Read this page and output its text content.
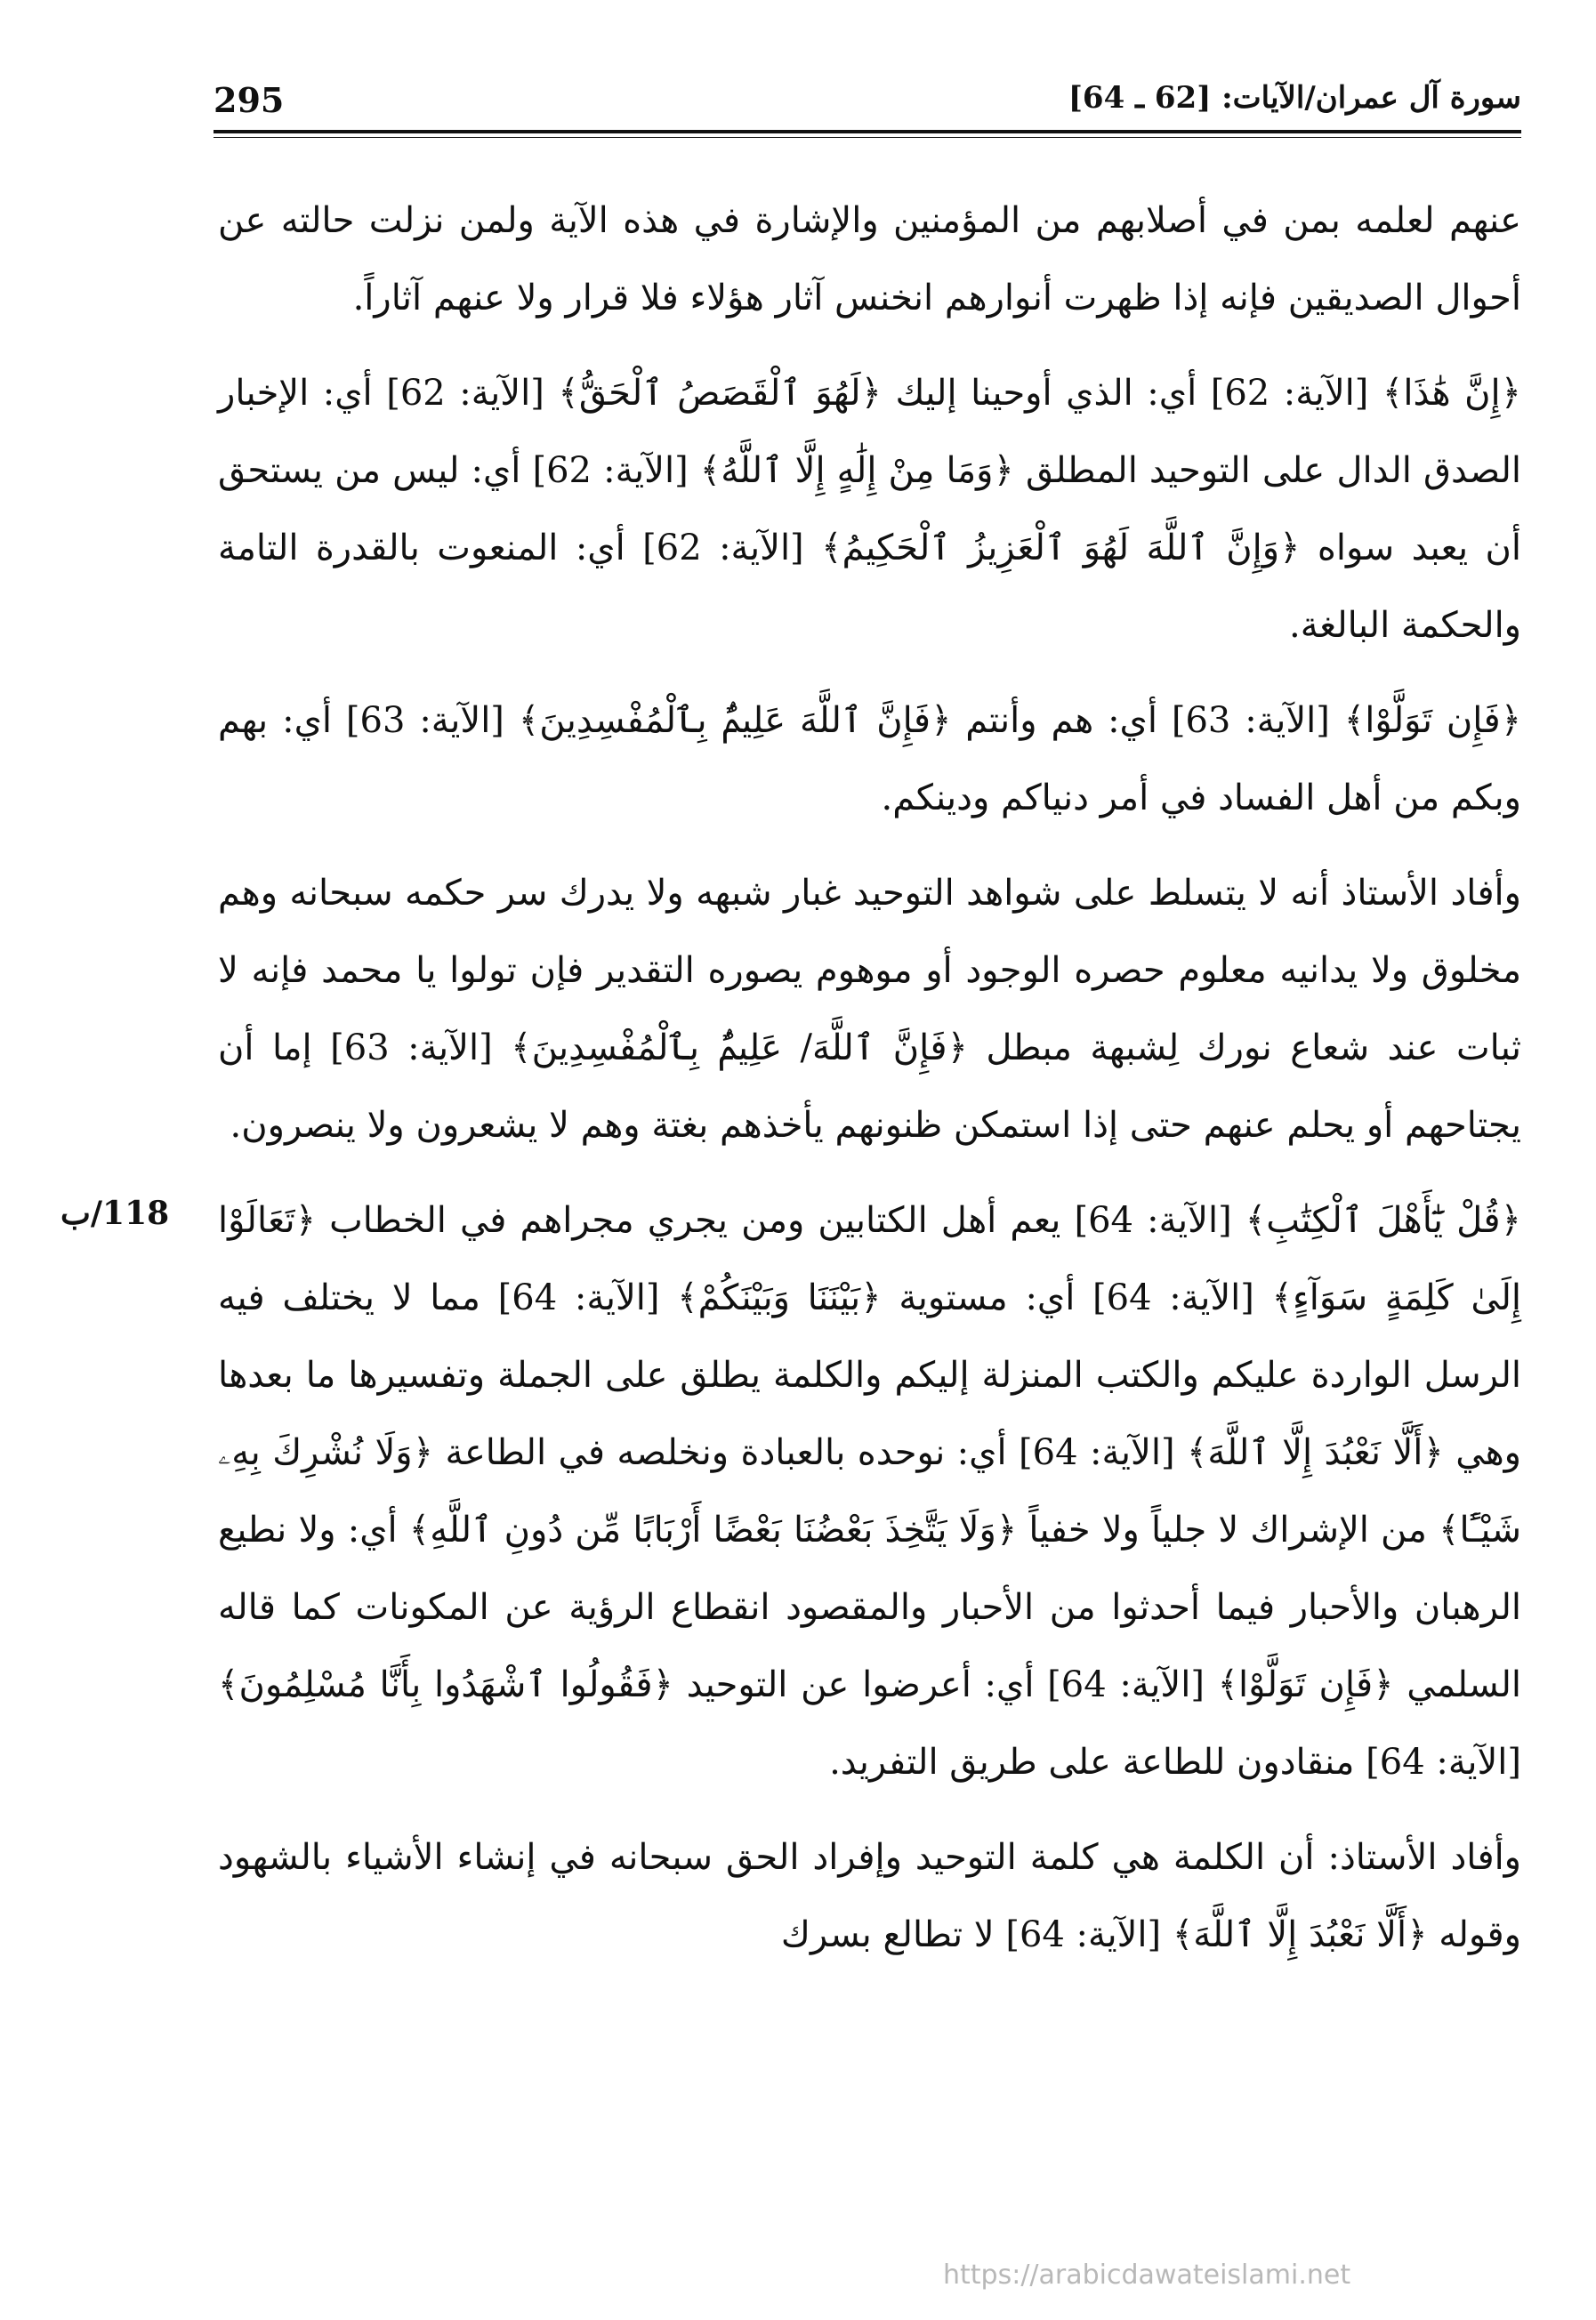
سورة آل عمران/الآيات: [62 ـ 64]
295

عنهم لعلمه بمن في أصلابهم من المؤمنين والإشارة في هذه الآية ولمن نزلت حالته عن أحوال الصديقين فإنه إذا ظهرت أنوارهم انخنس آثار هؤلاء فلا قرار ولا عنهم آثاراً.

﴿إِنَّ هَٰذَا﴾ [الآية: 62] أي: الذي أوحينا إليك ﴿لَهُوَ ٱلْقَصَصُ ٱلْحَقُّ﴾ [الآية: 62] أي: الإخبار الصدق الدال على التوحيد المطلق ﴿وَمَا مِنْ إِلَٰهٍ إِلَّا ٱللَّهُ﴾ [الآية: 62] أي: ليس من يستحق أن يعبد سواه ﴿وَإِنَّ ٱللَّهَ لَهُوَ ٱلْعَزِيزُ ٱلْحَكِيمُ﴾ [الآية: 62] أي: المنعوت بالقدرة التامة والحكمة البالغة.

﴿فَإِن تَوَلَّوْا﴾ [الآية: 63] أي: هم وأنتم ﴿فَإِنَّ ٱللَّهَ عَلِيمٌۢ بِٱلْمُفْسِدِينَ﴾ [الآية: 63] أي: بهم وبكم من أهل الفساد في أمر دنياكم ودينكم.

وأفاد الأستاذ أنه لا يتسلط على شواهد التوحيد غبار شبهه ولا يدرك سر حكمه سبحانه وهم مخلوق ولا يدانيه معلوم حصره الوجود أو موهوم يصوره التقدير فإن تولوا يا محمد فإنه لا ثبات عند شعاع نورك لِشبهة مبطل ﴿فَإِنَّ ٱللَّهَ/ عَلِيمٌۢ بِٱلْمُفْسِدِينَ﴾ [الآية: 63] إما أن يجتاحهم أو يحلم عنهم حتى إذا استمكن ظنونهم يأخذهم بغتة وهم لا يشعرون ولا ينصرون.

﴿قُلْ يَٰٓأَهْلَ ٱلْكِتَٰبِ﴾ [الآية: 64] يعم أهل الكتابين ومن يجري مجراهم في الخطاب ﴿تَعَالَوْا إِلَىٰ كَلِمَةٍ سَوَآءٍ﴾ [الآية: 64] أي: مستوية ﴿بَيْنَنَا وَبَيْنَكُمْ﴾ [الآية: 64] مما لا يختلف فيه الرسل الواردة عليكم والكتب المنزلة إليكم والكلمة يطلق على الجملة وتفسيرها ما بعدها وهي ﴿أَلَّا نَعْبُدَ إِلَّا ٱللَّهَ﴾ [الآية: 64] أي: نوحده بالعبادة ونخلصه في الطاعة ﴿وَلَا نُشْرِكَ بِهِۦ شَيْـًٔا﴾ من الإشراك لا جلياً ولا خفياً ﴿وَلَا يَتَّخِذَ بَعْضُنَا بَعْضًا أَرْبَابًا مِّن دُونِ ٱللَّهِ﴾ أي: ولا نطيع الرهبان والأحبار فيما أحدثوا من الأحبار والمقصود انقطاع الرؤية عن المكونات كما قاله السلمي ﴿فَإِن تَوَلَّوْا﴾ [الآية: 64] أي: أعرضوا عن التوحيد ﴿فَقُولُوا ٱشْهَدُوا بِأَنَّا مُسْلِمُونَ﴾ [الآية: 64] منقادون للطاعة على طريق التفريد.

وأفاد الأستاذ: أن الكلمة هي كلمة التوحيد وإفراد الحق سبحانه في إنشاء الأشياء بالشهود وقوله ﴿أَلَّا نَعْبُدَ إِلَّا ٱللَّهَ﴾ [الآية: 64] لا تطالع بسرك

118/ب
https://arabicdawateislami.net
